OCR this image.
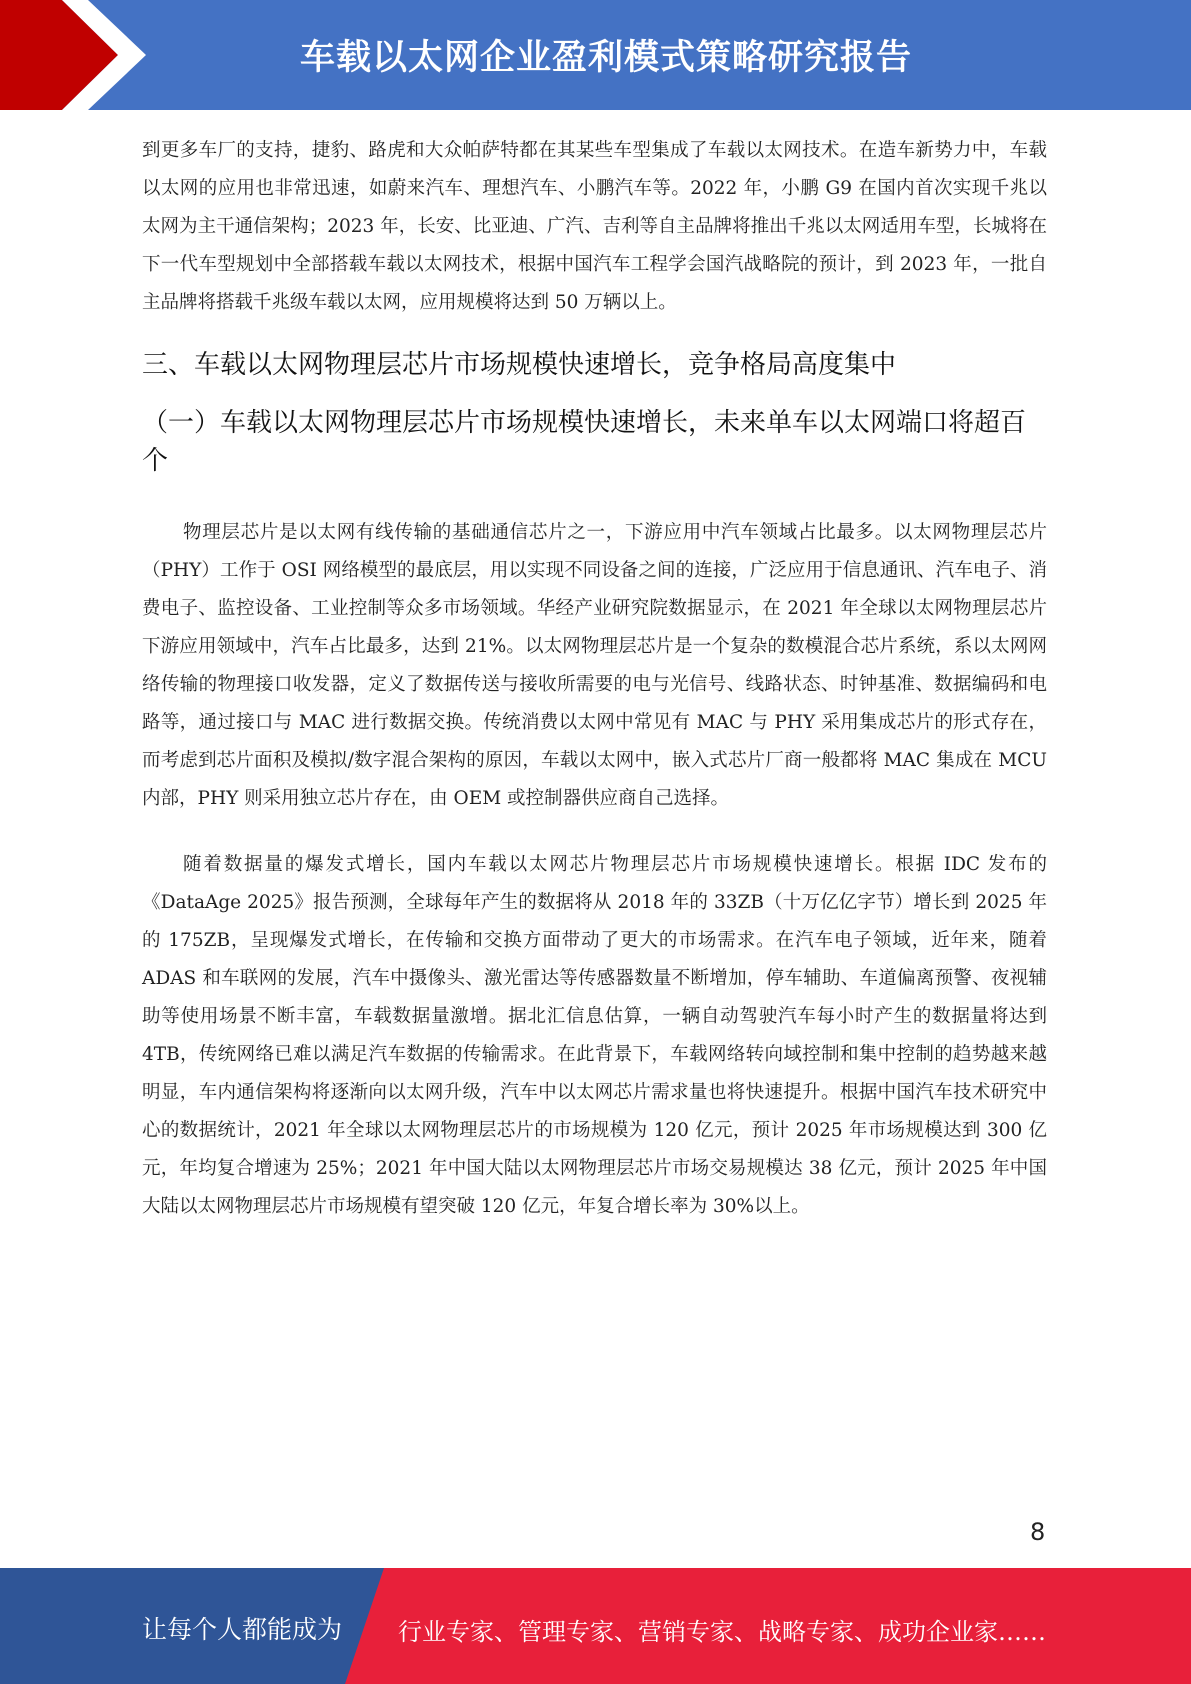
车载以太网企业盈利模式策略研究报告

到更多车厂的支持，捷豹、路虎和大众帕萨特都在其某些车型集成了车载以太网技术。在造车新势力中，车载以太网的应用也非常迅速，如蔚来汽车、理想汽车、小鹏汽车等。2022 年，小鹏 G9 在国内首次实现千兆以太网为主干通信架构；2023 年，长安、比亚迪、广汽、吉利等自主品牌将推出千兆以太网适用车型，长城将在下一代车型规划中全部搭载车载以太网技术，根据中国汽车工程学会国汽战略院的预计，到 2023 年，一批自主品牌将搭载千兆级车载以太网，应用规模将达到 50 万辆以上。

三、车载以太网物理层芯片市场规模快速增长，竞争格局高度集中
（一）车载以太网物理层芯片市场规模快速增长，未来单车以太网端口将超百个

物理层芯片是以太网有线传输的基础通信芯片之一，下游应用中汽车领域占比最多。以太网物理层芯片（PHY）工作于 OSI 网络模型的最底层，用以实现不同设备之间的连接，广泛应用于信息通讯、汽车电子、消费电子、监控设备、工业控制等众多市场领域。华经产业研究院数据显示，在 2021 年全球以太网物理层芯片下游应用领域中，汽车占比最多，达到 21%。以太网物理层芯片是一个复杂的数模混合芯片系统，系以太网网络传输的物理接口收发器，定义了数据传送与接收所需要的电与光信号、线路状态、时钟基准、数据编码和电路等，通过接口与 MAC 进行数据交换。传统消费以太网中常见有 MAC 与 PHY 采用集成芯片的形式存在，而考虑到芯片面积及模拟/数字混合架构的原因，车载以太网中，嵌入式芯片厂商一般都将 MAC 集成在 MCU 内部，PHY 则采用独立芯片存在，由 OEM 或控制器供应商自己选择。

随着数据量的爆发式增长，国内车载以太网芯片物理层芯片市场规模快速增长。根据 IDC 发布的《DataAge 2025》报告预测，全球每年产生的数据将从 2018 年的 33ZB（十万亿亿字节）增长到 2025 年的 175ZB，呈现爆发式增长，在传输和交换方面带动了更大的市场需求。在汽车电子领域，近年来，随着 ADAS 和车联网的发展，汽车中摄像头、激光雷达等传感器数量不断增加，停车辅助、车道偏离预警、夜视辅助等使用场景不断丰富，车载数据量激增。据北汇信息估算，一辆自动驾驶汽车每小时产生的数据量将达到 4TB，传统网络已难以满足汽车数据的传输需求。在此背景下，车载网络转向域控制和集中控制的趋势越来越明显，车内通信架构将逐渐向以太网升级，汽车中以太网芯片需求量也将快速提升。根据中国汽车技术研究中心的数据统计，2021 年全球以太网物理层芯片的市场规模为 120 亿元，预计 2025 年市场规模达到 300 亿元，年均复合增速为 25%；2021 年中国大陆以太网物理层芯片市场交易规模达 38 亿元，预计 2025 年中国大陆以太网物理层芯片市场规模有望突破 120 亿元，年复合增长率为 30%以上。

8
让每个人都能成为 行业专家、管理专家、营销专家、战略专家、成功企业家……
